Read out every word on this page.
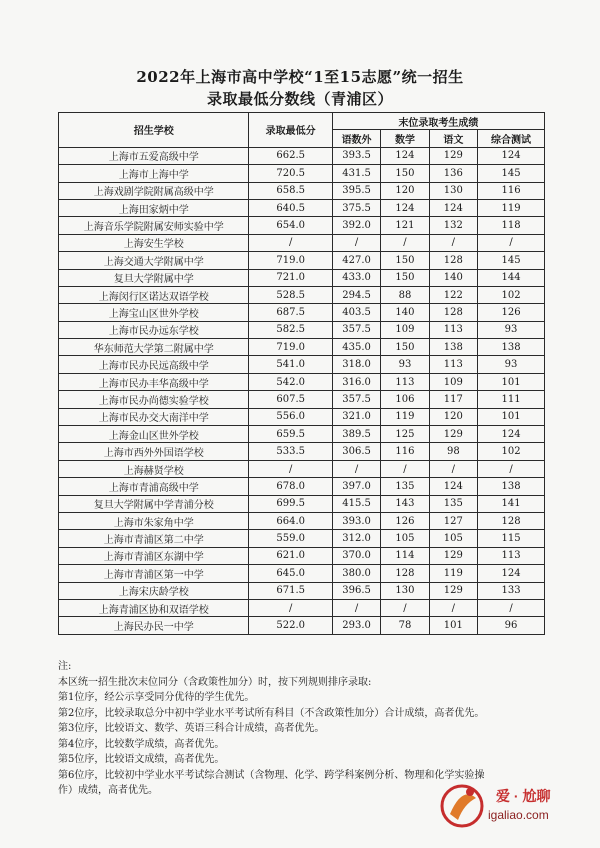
2022年上海市高中学校“1至15志愿”统一招生
录取最低分数线（青浦区）
招生学校	录取最低分	末位录取考生成绩			
		语数外	数学	语文	综合测试
上海市五爱高级中学	662.5	393.5	124	129	124
上海市上海中学	720.5	431.5	150	136	145
上海戏剧学院附属高级中学	658.5	395.5	120	130	116
上海田家炳中学	640.5	375.5	124	124	119
上海音乐学院附属安师实验中学	654.0	392.0	121	132	118
上海安生学校	/	/	/	/	/
上海交通大学附属中学	719.0	427.0	150	128	145
复旦大学附属中学	721.0	433.0	150	140	144
上海闵行区诺达双语学校	528.5	294.5	88	122	102
上海宝山区世外学校	687.5	403.5	140	128	126
上海市民办远东学校	582.5	357.5	109	113	93
华东师范大学第二附属中学	719.0	435.0	150	138	138
上海市民办民远高级中学	541.0	318.0	93	113	93
上海市民办丰华高级中学	542.0	316.0	113	109	101
上海市民办尚德实验学校	607.5	357.5	106	117	111
上海市民办交大南洋中学	556.0	321.0	119	120	101
上海金山区世外学校	659.5	389.5	125	129	124
上海市西外外国语学校	533.5	306.5	116	98	102
上海赫贤学校	/	/	/	/	/
上海市青浦高级中学	678.0	397.0	135	124	138
复旦大学附属中学青浦分校	699.5	415.5	143	135	141
上海市朱家角中学	664.0	393.0	126	127	128
上海市青浦区第二中学	559.0	312.0	105	105	115
上海市青浦区东湖中学	621.0	370.0	114	129	113
上海市青浦区第一中学	645.0	380.0	128	119	124
上海宋庆龄学校	671.5	396.5	130	129	133
上海青浦区协和双语学校	/	/	/	/	/
上海民办民一中学	522.0	293.0	78	101	96
注:
本区统一招生批次末位同分（含政策性加分）时，按下列规则排序录取:
第1位序，经公示享受同分优待的学生优先。
第2位序，比较录取总分中初中学业水平考试所有科目（不含政策性加分）合计成绩，高者优先。
第3位序，比较语文、数学、英语三科合计成绩，高者优先。
第4位序，比较数学成绩，高者优先。
第5位序，比较语文成绩，高者优先。
第6位序，比较初中学业水平考试综合测试（含物理、化学、跨学科案例分析、物理和化学实验操
作）成绩，高者优先。	爱 · 尬聊
igaliao.com
